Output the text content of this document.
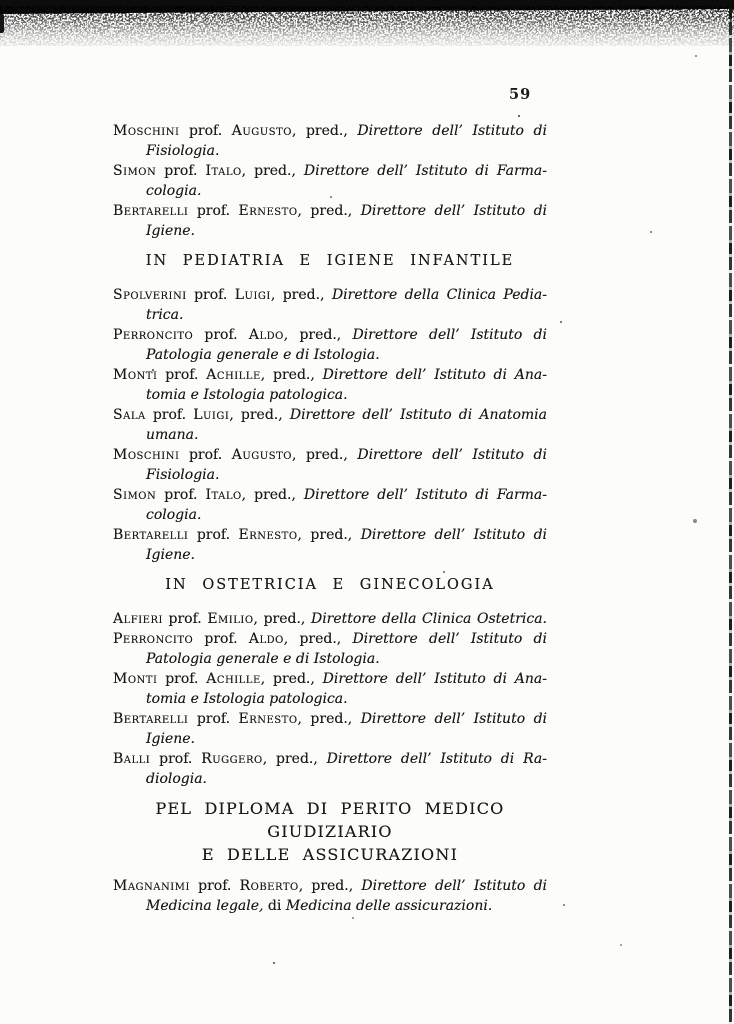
59
Moschini prof. Augusto, pred., Direttore dell’ Istituto di
Fisiologia.
Simon prof. Italo, pred., Direttore dell’ Istituto di Farma-
cologia.
Bertarelli prof. Ernesto, pred., Direttore dell’ Istituto di
Igiene.
IN PEDIATRIA E IGIENE INFANTILE
Spolverini prof. Luigi, pred., Direttore della Clinica Pedia-
trica.
Perroncito prof. Aldo, pred., Direttore dell’ Istituto di
Patologia generale e di Istologia.
Monti prof. Achille, pred., Direttore dell’ Istituto di Ana-
tomia e Istologia patologica.
Sala prof. Luigi, pred., Direttore dell’ Istituto di Anatomia
umana.
Moschini prof. Augusto, pred., Direttore dell’ Istituto di
Fisiologia.
Simon prof. Italo, pred., Direttore dell’ Istituto di Farma-
cologia.
Bertarelli prof. Ernesto, pred., Direttore dell’ Istituto di
Igiene.
IN OSTETRICIA E GINECOLOGIA
Alfieri prof. Emilio, pred., Direttore della Clinica Ostetrica.
Perroncito prof. Aldo, pred., Direttore dell’ Istituto di
Patologia generale e di Istologia.
Monti prof. Achille, pred., Direttore dell’ Istituto di Ana-
tomia e Istologia patologica.
Bertarelli prof. Ernesto, pred., Direttore dell’ Istituto di
Igiene.
Balli prof. Ruggero, pred., Direttore dell’ Istituto di Ra-
diologia.
PEL DIPLOMA DI PERITO MEDICO GIUDIZIARIO
E DELLE ASSICURAZIONI
Magnanimi prof. Roberto, pred., Direttore dell’ Istituto di
Medicina legale, di Medicina delle assicurazioni.
